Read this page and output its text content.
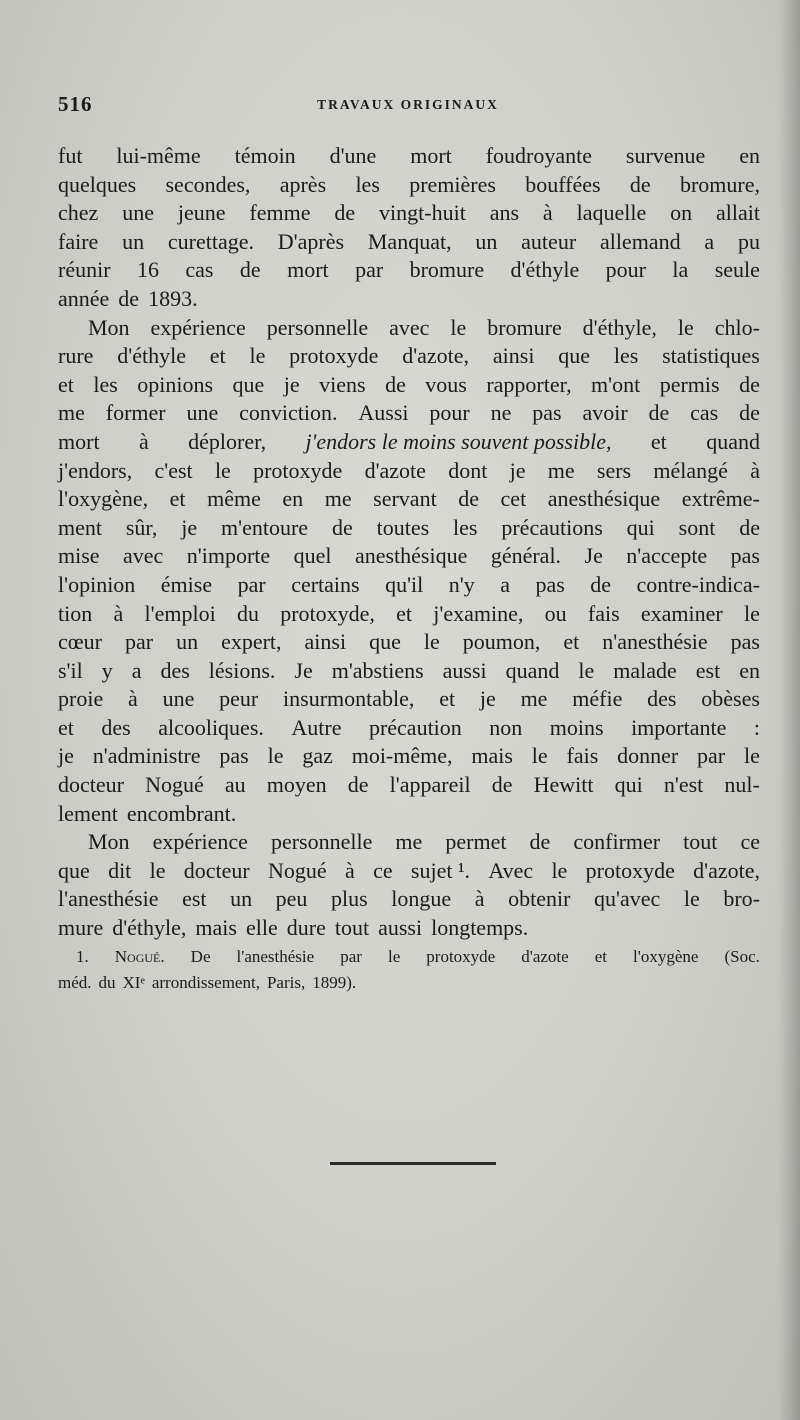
516	TRAVAUX ORIGINAUX
fut lui-même témoin d'une mort foudroyante survenue en
quelques secondes, après les premières bouffées de bromure,
chez une jeune femme de vingt-huit ans à laquelle on allait
faire un curettage. D'après Manquat, un auteur allemand a pu
réunir 16 cas de mort par bromure d'éthyle pour la seule
année de 1893.
Mon expérience personnelle avec le bromure d'éthyle, le chlo-
rure d'éthyle et le protoxyde d'azote, ainsi que les statistiques
et les opinions que je viens de vous rapporter, m'ont permis de
me former une conviction. Aussi pour ne pas avoir de cas de
mort à déplorer, j'endors le moins souvent possible, et quand
j'endors, c'est le protoxyde d'azote dont je me sers mélangé à
l'oxygène, et même en me servant de cet anesthésique extrême-
ment sûr, je m'entoure de toutes les précautions qui sont de
mise avec n'importe quel anesthésique général. Je n'accepte pas
l'opinion émise par certains qu'il n'y a pas de contre-indica-
tion à l'emploi du protoxyde, et j'examine, ou fais examiner le
cœur par un expert, ainsi que le poumon, et n'anesthésie pas
s'il y a des lésions. Je m'abstiens aussi quand le malade est en
proie à une peur insurmontable, et je me méfie des obèses
et des alcooliques. Autre précaution non moins importante :
je n'administre pas le gaz moi-même, mais le fais donner par le
docteur Nogué au moyen de l'appareil de Hewitt qui n'est nul-
lement encombrant.
Mon expérience personnelle me permet de confirmer tout ce
que dit le docteur Nogué à ce sujet ¹. Avec le protoxyde d'azote,
l'anesthésie est un peu plus longue à obtenir qu'avec le bro-
mure d'éthyle, mais elle dure tout aussi longtemps.
1. Nogué. De l'anesthésie par le protoxyde d'azote et l'oxygène (Soc.
méd. du XIᵉ arrondissement, Paris, 1899).
